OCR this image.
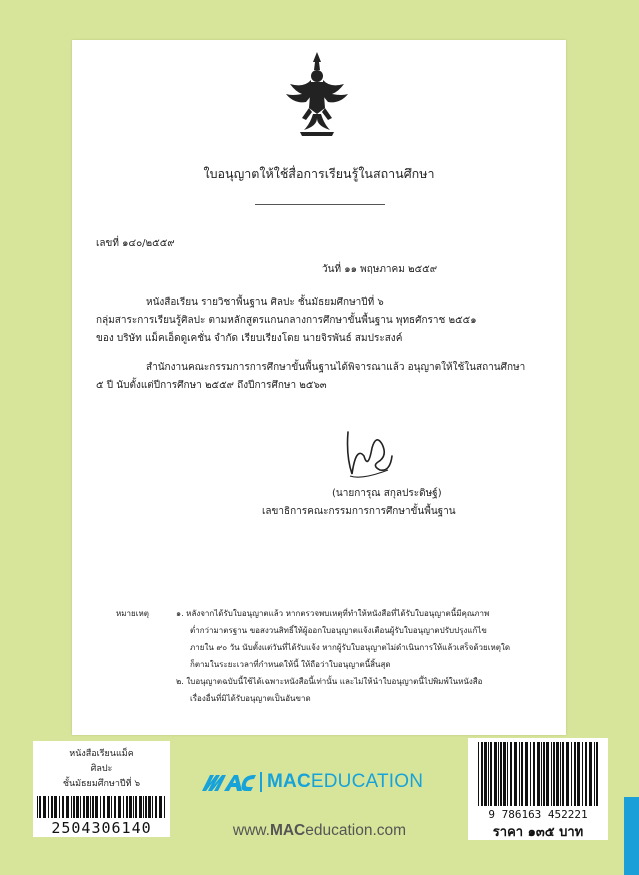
ใบอนุญาตให้ใช้สื่อการเรียนรู้ในสถานศึกษา
เลขที่ ๑๔๐/๒๕๕๙
วันที่ ๑๑ พฤษภาคม ๒๕๕๙
หนังสือเรียน รายวิชาพื้นฐาน ศิลปะ ชั้นมัธยมศึกษาปีที่ ๖
กลุ่มสาระการเรียนรู้ศิลปะ ตามหลักสูตรแกนกลางการศึกษาขั้นพื้นฐาน พุทธศักราช ๒๕๕๑
ของ บริษัท แม็คเอ็ดดูเคชั่น จำกัด เรียบเรียงโดย นายจิรพันธ์ สมประสงค์
สำนักงานคณะกรรมการการศึกษาขั้นพื้นฐานได้พิจารณาแล้ว อนุญาตให้ใช้ในสถานศึกษา
๕ ปี นับตั้งแต่ปีการศึกษา ๒๕๕๙ ถึงปีการศึกษา ๒๕๖๓
(นายการุณ สกุลประดิษฐ์)
เลขาธิการคณะกรรมการการศึกษาขั้นพื้นฐาน
หมายเหตุ	๑. หลังจากได้รับใบอนุญาตแล้ว หากตรวจพบเหตุที่ทำให้หนังสือที่ได้รับใบอนุญาตนี้มีคุณภาพ
ต่ำกว่ามาตรฐาน ขอสงวนสิทธิ์ให้ผู้ออกใบอนุญาตแจ้งเตือนผู้รับใบอนุญาตปรับปรุงแก้ไข
ภายใน ๙๐ วัน นับตั้งแต่วันที่ได้รับแจ้ง หากผู้รับใบอนุญาตไม่ดำเนินการให้แล้วเสร็จด้วยเหตุใด
ก็ตามในระยะเวลาที่กำหนดให้นี้ ให้ถือว่าใบอนุญาตนี้สิ้นสุด
๒. ใบอนุญาตฉบับนี้ใช้ได้เฉพาะหนังสือนี้เท่านั้น และไม่ให้นำใบอนุญาตนี้ไปพิมพ์ในหนังสือ
เรื่องอื่นที่มิได้รับอนุญาตเป็นอันขาด
หนังสือเรียนแม็ค
ศิลปะ
ชั้นมัธยมศึกษาปีที่ ๖
2504306140
MACEDUCATION
www.MACeducation.com
9 786163 452221
ราคา ๑๓๕ บาท
